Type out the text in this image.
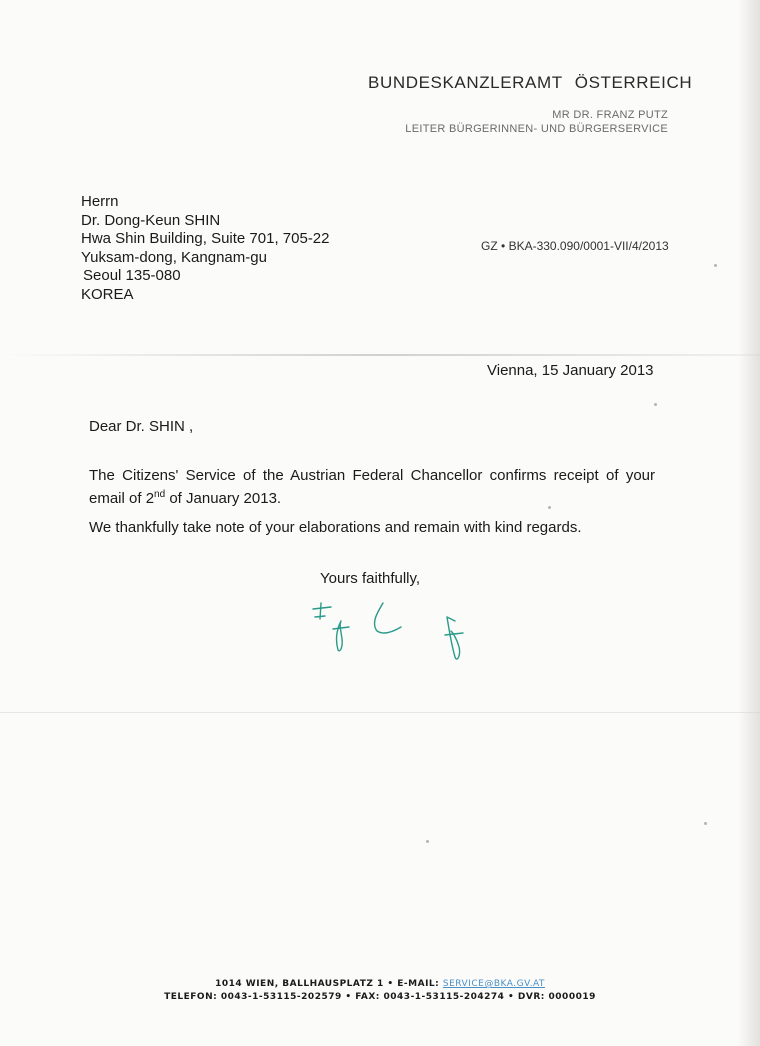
BUNDESKANZLERAMT ÖSTERREICH
MR DR. FRANZ PUTZ
LEITER BÜRGERINNEN- UND BÜRGERSERVICE
Herrn
Dr. Dong-Keun SHIN
Hwa Shin Building, Suite 701, 705-22
Yuksam-dong, Kangnam-gu
Seoul 135-080
KOREA
GZ • BKA-330.090/0001-VII/4/2013
Vienna, 15 January 2013
Dear Dr. SHIN ,
The Citizens' Service of the Austrian Federal Chancellor confirms receipt of your email of 2nd of January 2013.
We thankfully take note of your elaborations and remain with kind regards.
Yours faithfully,
1014 WIEN, BALLHAUSPLATZ 1 • E-MAIL: SERVICE@BKA.GV.AT
TELEFON: 0043-1-53115-202579 • FAX: 0043-1-53115-204274 • DVR: 0000019
